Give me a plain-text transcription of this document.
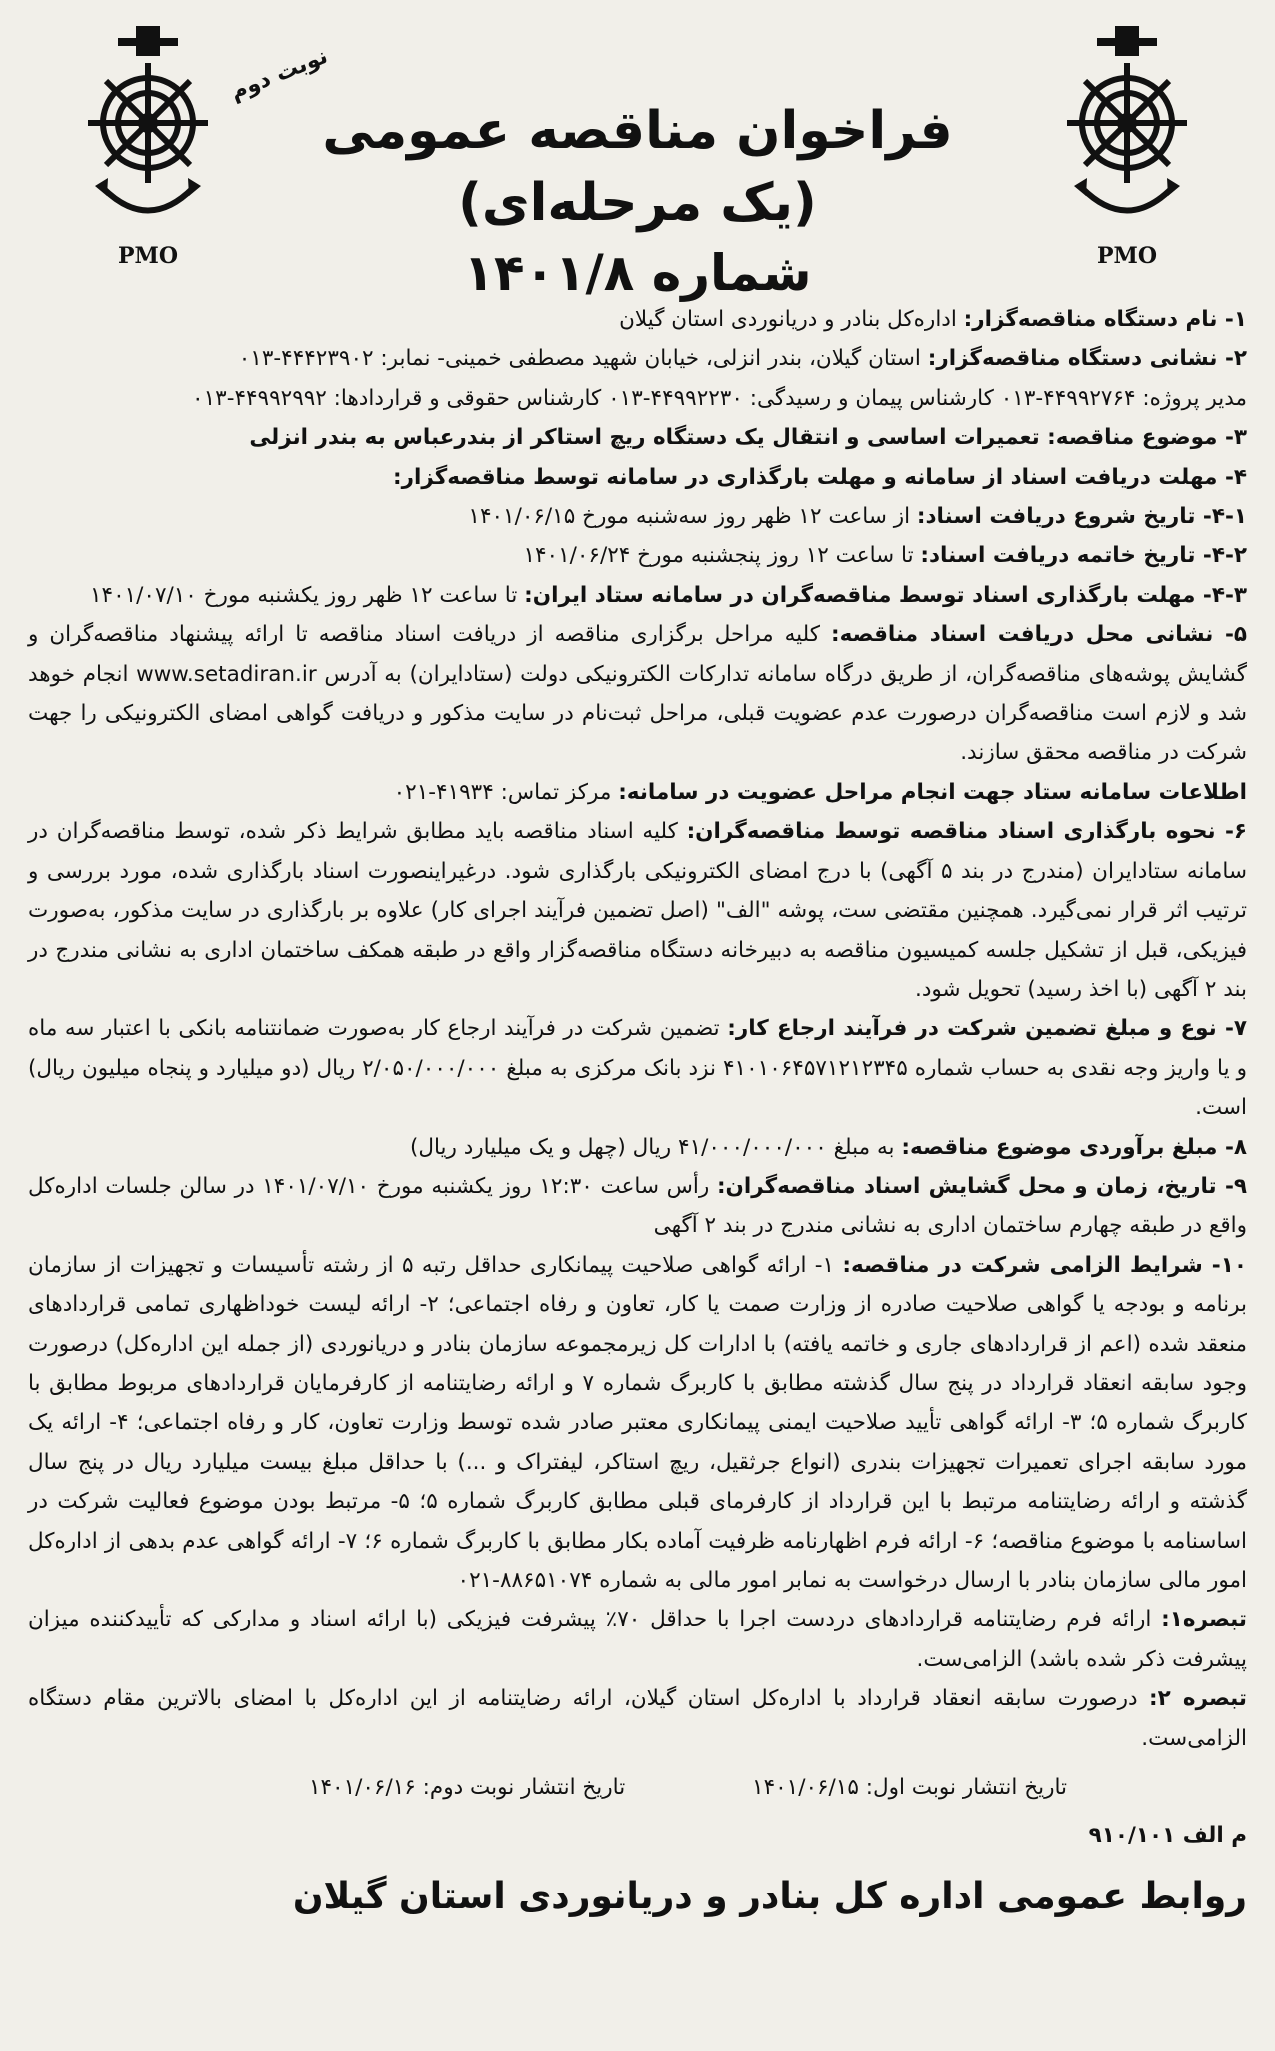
PMO
PMO
نوبت دوم
فراخوان مناقصه عمومی (یک مرحله‌ای)
شماره ۱۴۰۱/۸

۱- نام دستگاه مناقصه‌گزار: اداره‌کل بنادر و دریانوردی استان گیلان

۲- نشانی دستگاه مناقصه‌گزار: استان گیلان، بندر انزلی، خیابان شهید مصطفی خمینی- نمابر: ۴۴۴۲۳۹۰۲-۰۱۳

مدیر پروژه: ۴۴۹۹۲۷۶۴-۰۱۳ کارشناس پیمان و رسیدگی: ۴۴۹۹۲۲۳۰-۰۱۳ کارشناس حقوقی و قراردادها: ۴۴۹۹۲۹۹۲-۰۱۳

۳- موضوع مناقصه: تعمیرات اساسی و انتقال یک دستگاه ریچ استاکر از بندرعباس به بندر انزلی

۴- مهلت دریافت اسناد از سامانه و مهلت بارگذاری در سامانه توسط مناقصه‌گزار:

۴-۱- تاریخ شروع دریافت اسناد: از ساعت ۱۲ ظهر روز سه‌شنبه مورخ ۱۴۰۱/۰۶/۱۵

۴-۲- تاریخ خاتمه دریافت اسناد: تا ساعت ۱۲ روز پنجشنبه مورخ ۱۴۰۱/۰۶/۲۴

۴-۳- مهلت بارگذاری اسناد توسط مناقصه‌گران در سامانه ستاد ایران: تا ساعت ۱۲ ظهر روز یکشنبه مورخ ۱۴۰۱/۰۷/۱۰

۵- نشانی محل دریافت اسناد مناقصه: کلیه مراحل برگزاری مناقصه از دریافت اسناد مناقصه تا ارائه پیشنهاد مناقصه‌گران و گشایش پوشه‌های مناقصه‌گران، از طریق درگاه سامانه تدارکات الکترونیکی دولت (ستادایران) به آدرس www.setadiran.ir انجام خوهد شد و لازم است مناقصه‌گران درصورت عدم عضویت قبلی، مراحل ثبت‌نام در سایت مذکور و دریافت گواهی امضای الکترونیکی را جهت شرکت در مناقصه محقق سازند.

اطلاعات سامانه ستاد جهت انجام مراحل عضویت در سامانه: مرکز تماس: ۴۱۹۳۴-۰۲۱

۶- نحوه بارگذاری اسناد مناقصه توسط مناقصه‌گران: کلیه اسناد مناقصه باید مطابق شرایط ذکر شده، توسط مناقصه‌گران در سامانه ستادایران (مندرج در بند ۵ آگهی) با درج امضای الکترونیکی بارگذاری شود. درغیراینصورت اسناد بارگذاری شده، مورد بررسی و ترتیب اثر قرار نمی‌گیرد. همچنین مقتضی ست، پوشه "الف" (اصل تضمین فرآیند اجرای کار) علاوه بر بارگذاری در سایت مذکور، به‌صورت فیزیکی، قبل از تشکیل جلسه کمیسیون مناقصه به دبیرخانه دستگاه مناقصه‌گزار واقع در طبقه همکف ساختمان اداری به نشانی مندرج در بند ۲ آگهی (با اخذ رسید) تحویل شود.

۷- نوع و مبلغ تضمین شرکت در فرآیند ارجاع کار: تضمین شرکت در فرآیند ارجاع کار به‌صورت ضمانتنامه بانکی با اعتبار سه ماه و یا واریز وجه نقدی به حساب شماره ۴۱۰۱۰۶۴۵۷۱۲۱۲۳۴۵ نزد بانک مرکزی به مبلغ ۲/۰۵۰/۰۰۰/۰۰۰ ریال (دو میلیارد و پنجاه میلیون ریال) است.

۸- مبلغ برآوردی موضوع مناقصه: به مبلغ ۴۱/۰۰۰/۰۰۰/۰۰۰ ریال (چهل و یک میلیارد ریال)

۹- تاریخ، زمان و محل گشایش اسناد مناقصه‌گران: رأس ساعت ۱۲:۳۰ روز یکشنبه مورخ ۱۴۰۱/۰۷/۱۰ در سالن جلسات اداره‌کل واقع در طبقه چهارم ساختمان اداری به نشانی مندرج در بند ۲ آگهی

۱۰- شرایط الزامی شرکت در مناقصه: ۱- ارائه گواهی صلاحیت پیمانکاری حداقل رتبه ۵ از رشته تأسیسات و تجهیزات از سازمان برنامه و بودجه یا گواهی صلاحیت صادره از وزارت صمت یا کار، تعاون و رفاه اجتماعی؛ ۲- ارائه لیست خوداظهاری تمامی قراردادهای منعقد شده (اعم از قراردادهای جاری و خاتمه یافته) با ادارات کل زیرمجموعه سازمان بنادر و دریانوردی (از جمله این اداره‌کل) درصورت وجود سابقه انعقاد قرارداد در پنج سال گذشته مطابق با کاربرگ شماره ۷ و ارائه رضایتنامه از کارفرمایان قراردادهای مربوط مطابق با کاربرگ شماره ۵؛ ۳- ارائه گواهی تأیید صلاحیت ایمنی پیمانکاری معتبر صادر شده توسط وزارت تعاون، کار و رفاه اجتماعی؛ ۴- ارائه یک مورد سابقه اجرای تعمیرات تجهیزات بندری (انواع جرثقیل، ریچ استاکر، لیفتراک و ...) با حداقل مبلغ بیست میلیارد ریال در پنج سال گذشته و ارائه رضایتنامه مرتبط با این قرارداد از کارفرمای قبلی مطابق کاربرگ شماره ۵؛ ۵- مرتبط بودن موضوع فعالیت شرکت در اساسنامه با موضوع مناقصه؛ ۶- ارائه فرم اظهارنامه ظرفیت آماده بکار مطابق با کاربرگ شماره ۶؛ ۷- ارائه گواهی عدم بدهی از اداره‌کل امور مالی سازمان بنادر با ارسال درخواست به نمابر امور مالی به شماره ۸۸۶۵۱۰۷۴-۰۲۱

تبصره۱: ارائه فرم رضایتنامه قراردادهای دردست اجرا با حداقل ۷۰٪ پیشرفت فیزیکی (با ارائه اسناد و مدارکی که تأییدکننده میزان پیشرفت ذکر شده باشد) الزامی‌ست.

تبصره ۲: درصورت سابقه انعقاد قرارداد با اداره‌کل استان گیلان، ارائه رضایتنامه از این اداره‌کل با امضای بالاترین مقام دستگاه الزامی‌ست.

تاریخ انتشار نوبت اول: ۱۴۰۱/۰۶/۱۵ تاریخ انتشار نوبت دوم: ۱۴۰۱/۰۶/۱۶
م الف ۹۱۰/۱۰۱
روابط عمومی اداره کل بنادر و دریانوردی استان گیلان
